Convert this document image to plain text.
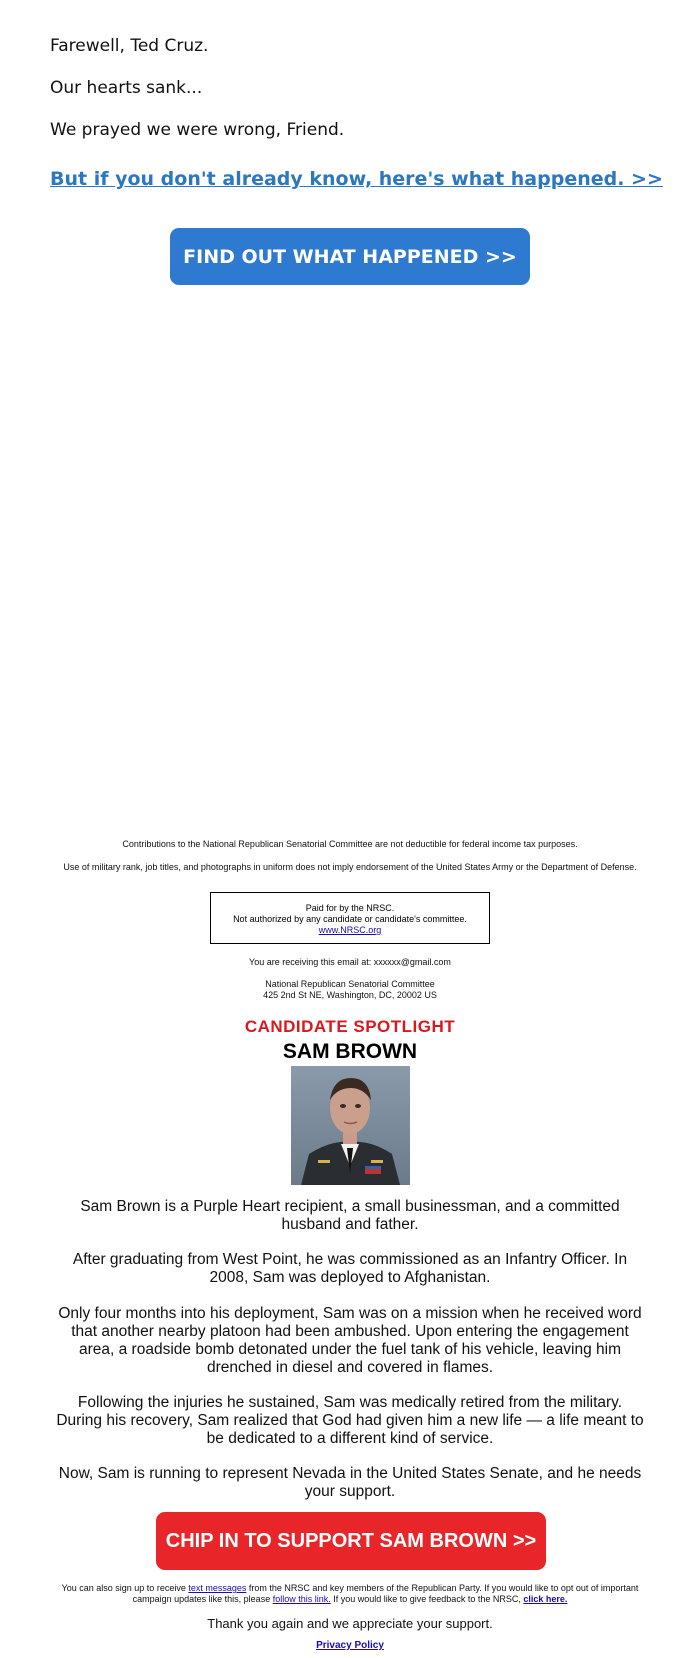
Farewell, Ted Cruz.
Our hearts sank...
We prayed we were wrong, Friend.
But if you don't already know, here's what happened. >>
FIND OUT WHAT HAPPENED >>
Contributions to the National Republican Senatorial Committee are not deductible for federal income tax purposes.
Use of military rank, job titles, and photographs in uniform does not imply endorsement of the United States Army or the Department of Defense.
Paid for by the NRSC.
Not authorized by any candidate or candidate's committee.
www.NRSC.org
You are receiving this email at: xxxxxx@gmail.com
National Republican Senatorial Committee
425 2nd St NE, Washington, DC, 20002 US
CANDIDATE SPOTLIGHT
SAM BROWN
Sam Brown is a Purple Heart recipient, a small businessman, and a committed husband and father.
After graduating from West Point, he was commissioned as an Infantry Officer. In 2008, Sam was deployed to Afghanistan.
Only four months into his deployment, Sam was on a mission when he received word that another nearby platoon had been ambushed. Upon entering the engagement area, a roadside bomb detonated under the fuel tank of his vehicle, leaving him drenched in diesel and covered in flames.
Following the injuries he sustained, Sam was medically retired from the military. During his recovery, Sam realized that God had given him a new life — a life meant to be dedicated to a different kind of service.
Now, Sam is running to represent Nevada in the United States Senate, and he needs your support.
CHIP IN TO SUPPORT SAM BROWN >>
You can also sign up to receive text messages from the NRSC and key members of the Republican Party. If you would like to opt out of important campaign updates like this, please follow this link. If you would like to give feedback to the NRSC, click here.
Thank you again and we appreciate your support.
Privacy Policy
